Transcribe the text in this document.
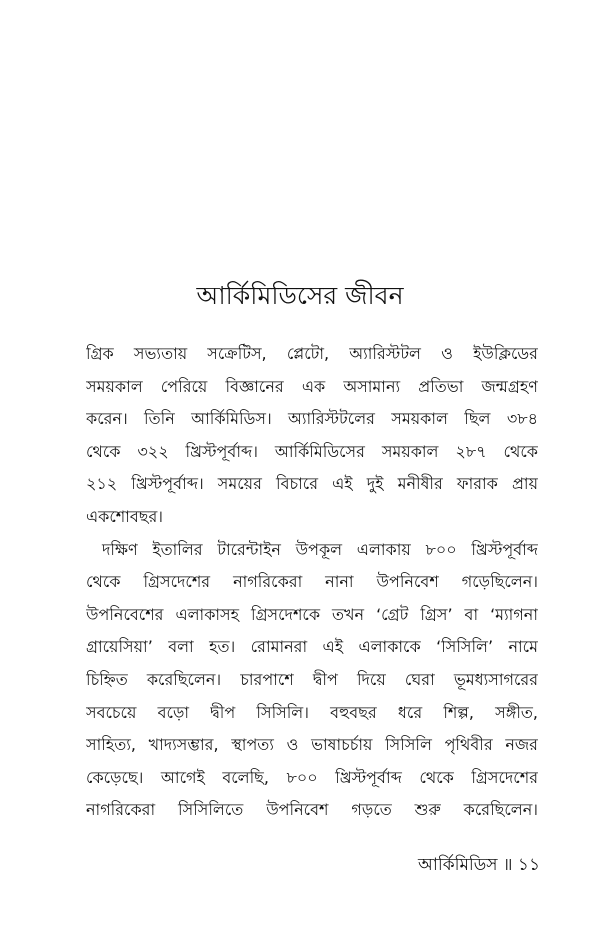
আর্কিমিডিসের জীবন

গ্রিক সভ্যতায় সক্রেটিস, প্লেটো, অ্যারিস্টটল ও ইউক্লিডের
সময়কাল পেরিয়ে বিজ্ঞানের এক অসামান্য প্রতিভা জন্মগ্রহণ
করেন। তিনি আর্কিমিডিস। অ্যারিস্টটলের সময়কাল ছিল ৩৮৪
থেকে ৩২২ খ্রিস্টপূর্বাব্দ। আর্কিমিডিসের সময়কাল ২৮৭ থেকে
২১২ খ্রিস্টপূর্বাব্দ। সময়ের বিচারে এই দুই মনীষীর ফারাক প্রায়
একশোবছর।

দক্ষিণ ইতালির টারেন্টাইন উপকূল এলাকায় ৮০০ খ্রিস্টপূর্বাব্দ
থেকে গ্রিসদেশের নাগরিকেরা নানা উপনিবেশ গড়েছিলেন।
উপনিবেশের এলাকাসহ গ্রিসদেশকে তখন ‘গ্রেট গ্রিস’ বা ‘ম্যাগনা
গ্রায়েসিয়া’ বলা হত। রোমানরা এই এলাকাকে ‘সিসিলি’ নামে
চিহ্নিত করেছিলেন। চারপাশে দ্বীপ দিয়ে ঘেরা ভূমধ্যসাগরের
সবচেয়ে বড়ো দ্বীপ সিসিলি। বহুবছর ধরে শিল্প, সঙ্গীত,
সাহিত্য, খাদ্যসম্ভার, স্থাপত্য ও ভাষাচর্চায় সিসিলি পৃথিবীর নজর
কেড়েছে। আগেই বলেছি, ৮০০ খ্রিস্টপূর্বাব্দ থেকে গ্রিসদেশের
নাগরিকেরা সিসিলিতে উপনিবেশ গড়তে শুরু করেছিলেন।

আর্কিমিডিস ॥ ১১
